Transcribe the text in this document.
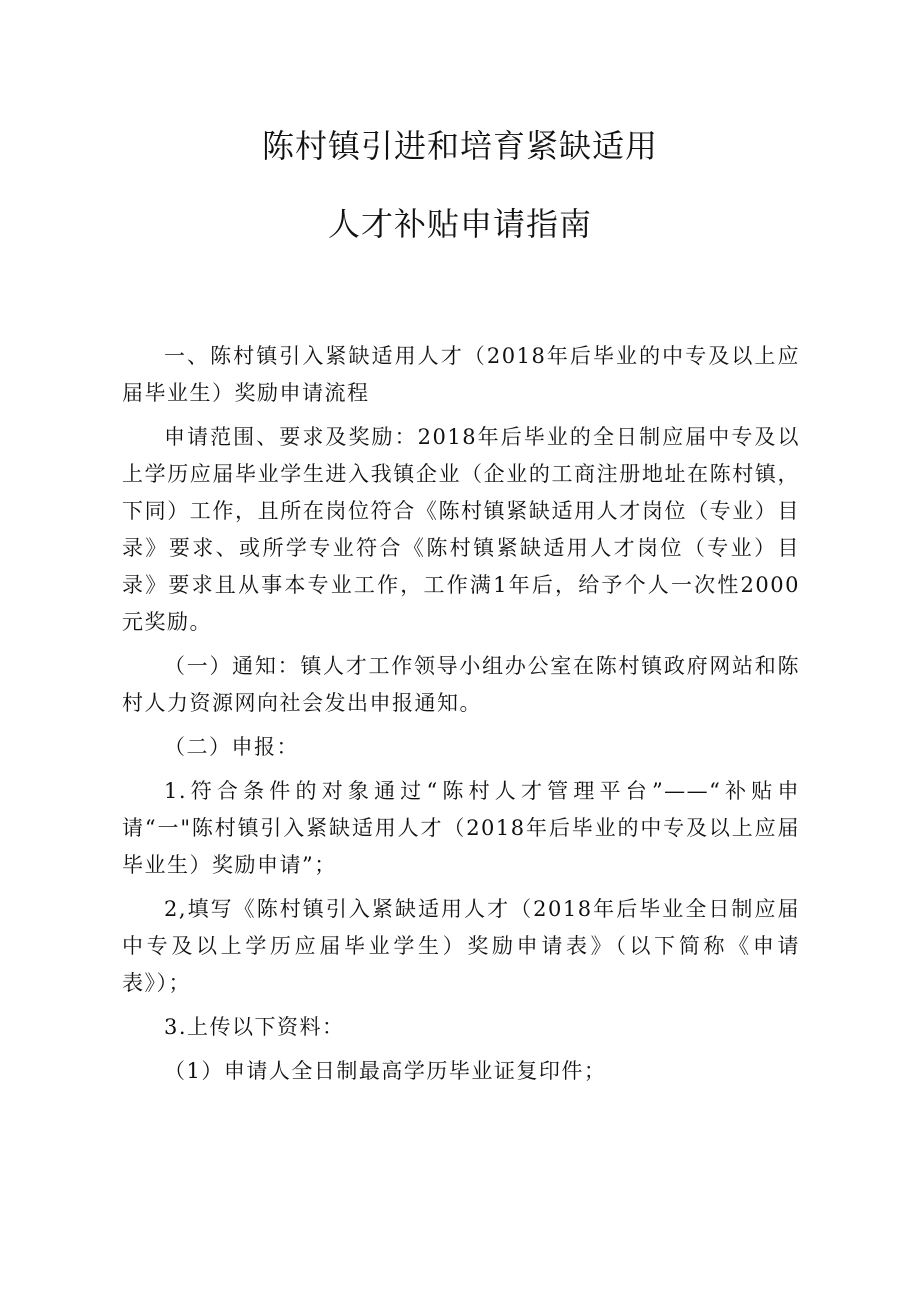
陈村镇引进和培育紧缺适用
人才补贴申请指南

一、陈村镇引入紧缺适用人才（2018年后毕业的中专及以上应届毕业生）奖励申请流程

申请范围、要求及奖励：2018年后毕业的全日制应届中专及以上学历应届毕业学生进入我镇企业（企业的工商注册地址在陈村镇，下同）工作，且所在岗位符合《陈村镇紧缺适用人才岗位（专业）目录》要求、或所学专业符合《陈村镇紧缺适用人才岗位（专业）目录》要求且从事本专业工作，工作满1年后，给予个人一次性2000元奖励。

（一）通知：镇人才工作领导小组办公室在陈村镇政府网站和陈村人力资源网向社会发出申报通知。

（二）申报：

1.符合条件的对象通过“陈村人才管理平台”——“补贴申请“一"陈村镇引入紧缺适用人才（2018年后毕业的中专及以上应届毕业生）奖励申请”；

2,填写《陈村镇引入紧缺适用人才（2018年后毕业全日制应届中专及以上学历应届毕业学生）奖励申请表》（以下简称《申请表》）；

3.上传以下资料：

（1）申请人全日制最高学历毕业证复印件；
